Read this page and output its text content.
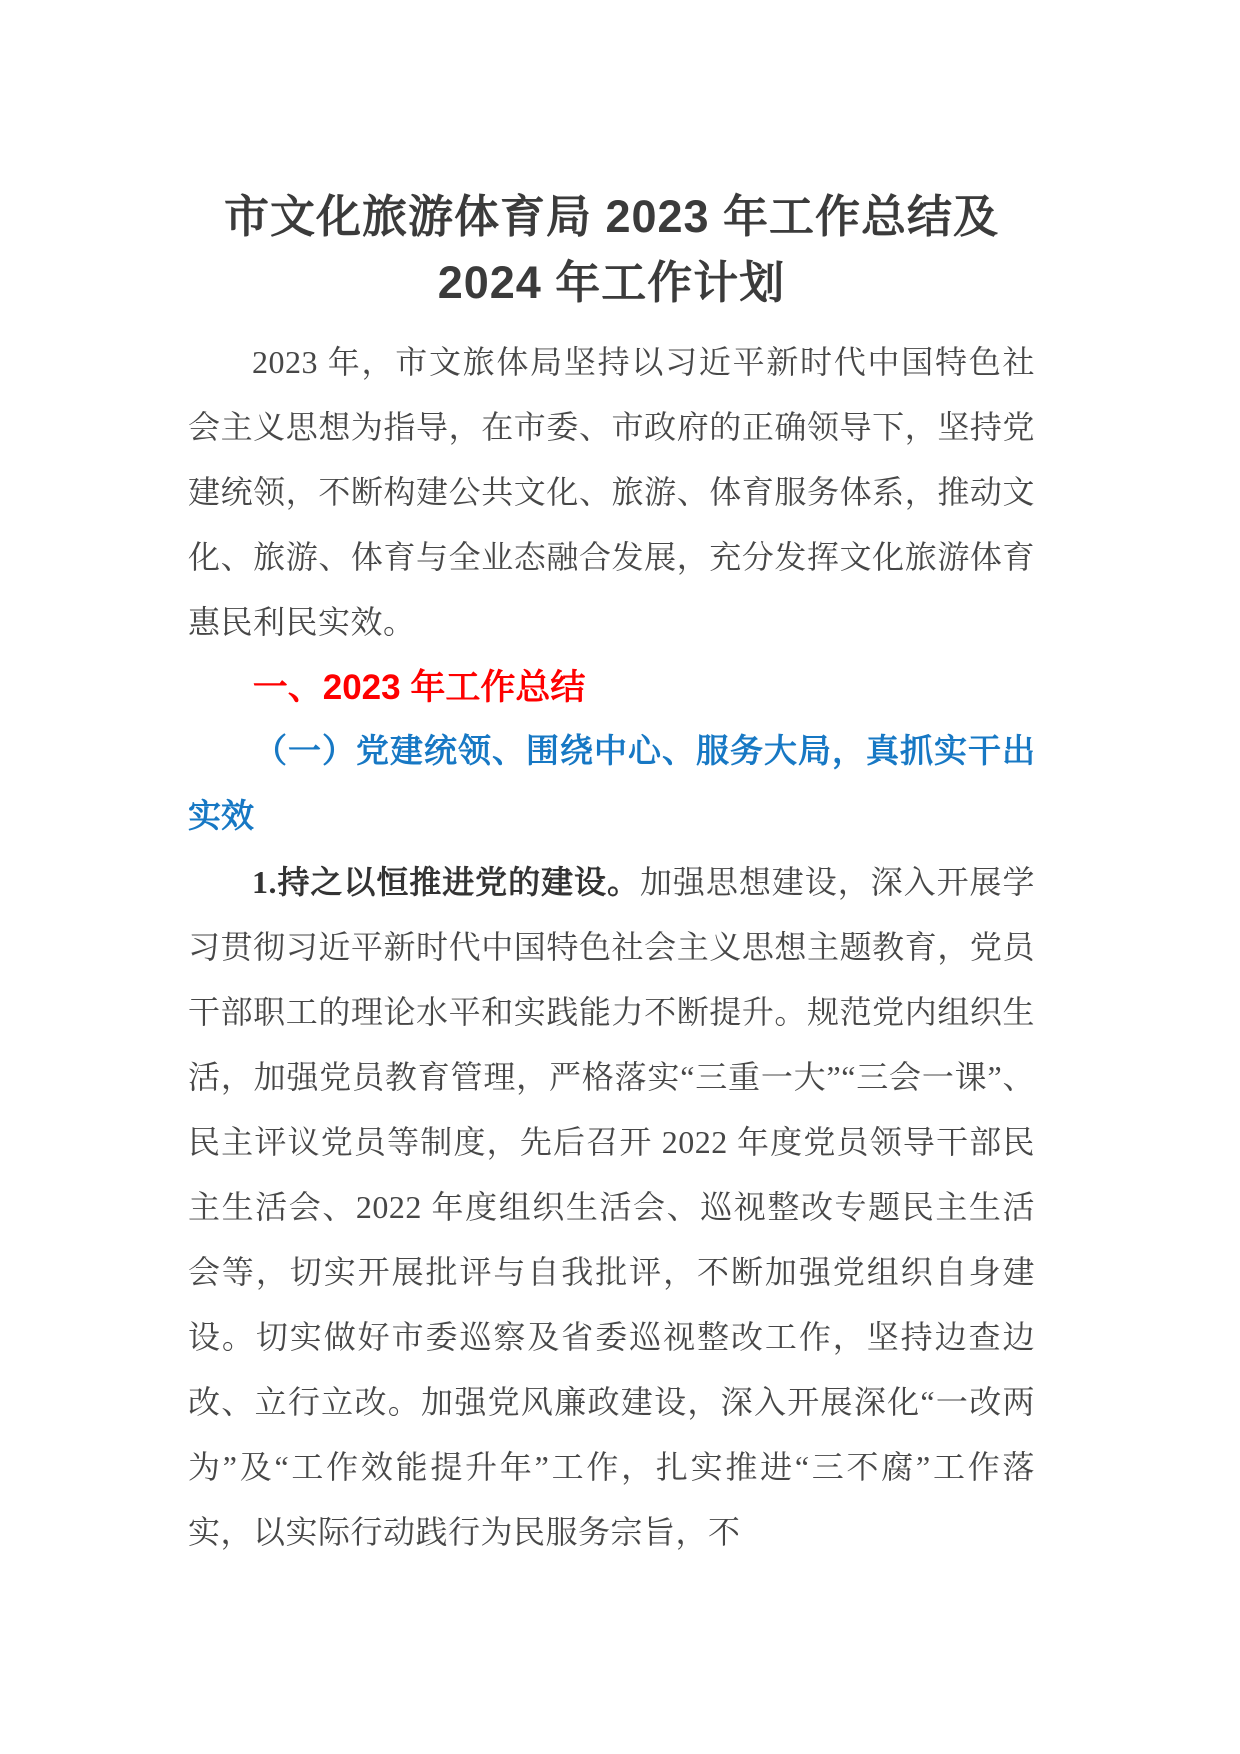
市文化旅游体育局 2023 年工作总结及 2024 年工作计划

2023 年，市文旅体局坚持以习近平新时代中国特色社会主义思想为指导，在市委、市政府的正确领导下，坚持党建统领，不断构建公共文化、旅游、体育服务体系，推动文化、旅游、体育与全业态融合发展，充分发挥文化旅游体育惠民利民实效。

一、2023 年工作总结
（一）党建统领、围绕中心、服务大局，真抓实干出实效

1.持之以恒推进党的建设。加强思想建设，深入开展学习贯彻习近平新时代中国特色社会主义思想主题教育，党员干部职工的理论水平和实践能力不断提升。规范党内组织生活，加强党员教育管理，严格落实“三重一大”“三会一课”、民主评议党员等制度，先后召开 2022 年度党员领导干部民主生活会、2022 年度组织生活会、巡视整改专题民主生活会等，切实开展批评与自我批评，不断加强党组织自身建设。切实做好市委巡察及省委巡视整改工作，坚持边查边改、立行立改。加强党风廉政建设，深入开展深化“一改两为”及“工作效能提升年”工作，扎实推进“三不腐”工作落实，以实际行动践行为民服务宗旨，不
